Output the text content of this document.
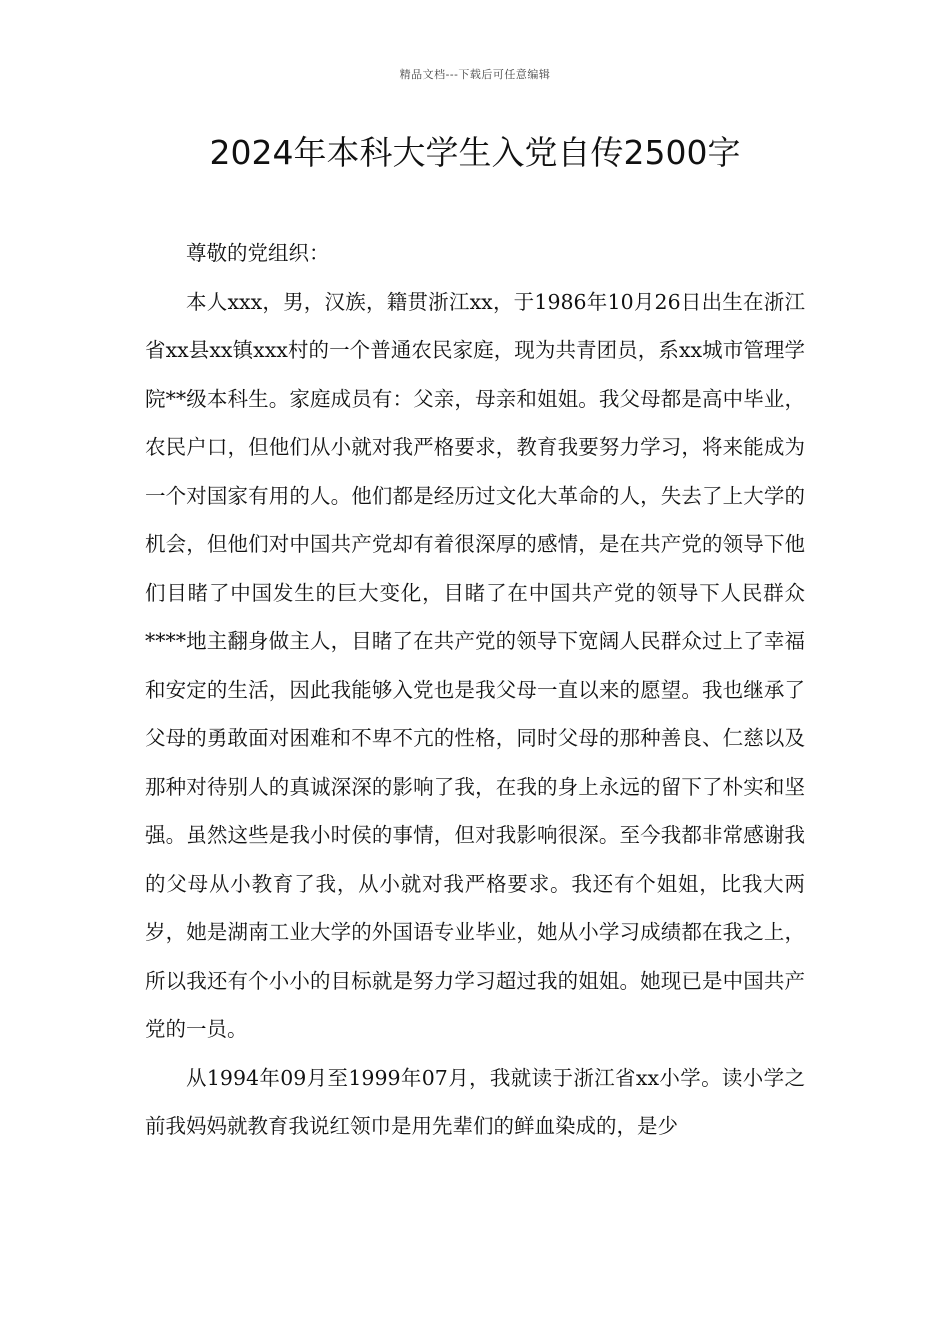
精品文档---下载后可任意编辑
2024年本科大学生入党自传2500字

尊敬的党组织：

本人xxx，男，汉族，籍贯浙江xx，于1986年10月26日出生在浙江省xx县xx镇xxx村的一个普通农民家庭，现为共青团员，系xx城市管理学院**级本科生。家庭成员有：父亲，母亲和姐姐。我父母都是高中毕业，农民户口，但他们从小就对我严格要求，教育我要努力学习，将来能成为一个对国家有用的人。他们都是经历过文化大革命的人，失去了上大学的机会，但他们对中国共产党却有着很深厚的感情，是在共产党的领导下他们目睹了中国发生的巨大变化，目睹了在中国共产党的领导下人民群众****地主翻身做主人，目睹了在共产党的领导下宽阔人民群众过上了幸福和安定的生活，因此我能够入党也是我父母一直以来的愿望。我也继承了父母的勇敢面对困难和不卑不亢的性格，同时父母的那种善良、仁慈以及那种对待别人的真诚深深的影响了我，在我的身上永远的留下了朴实和坚强。虽然这些是我小时侯的事情，但对我影响很深。至今我都非常感谢我的父母从小教育了我，从小就对我严格要求。我还有个姐姐，比我大两岁，她是湖南工业大学的外国语专业毕业，她从小学习成绩都在我之上，所以我还有个小小的目标就是努力学习超过我的姐姐。她现已是中国共产党的一员。

从1994年09月至1999年07月，我就读于浙江省xx小学。读小学之前我妈妈就教育我说红领巾是用先辈们的鲜血染成的，是少
